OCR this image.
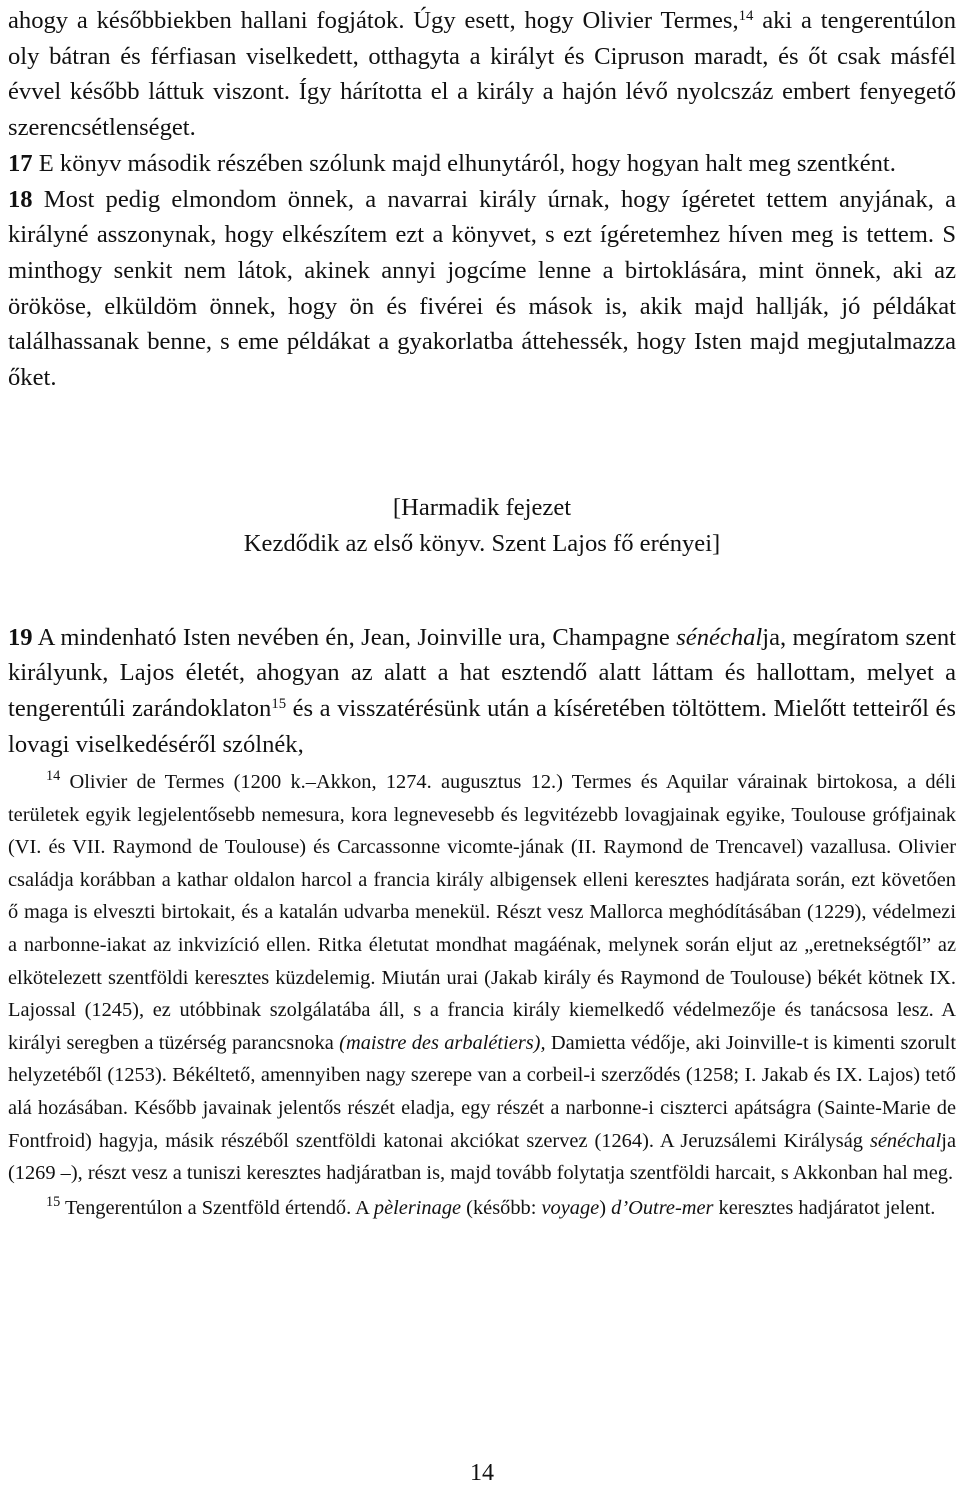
ahogy a későbbiekben hallani fogjátok. Úgy esett, hogy Olivier Termes,$^{14}$ aki a tengerentúlon oly bátran és férfiasan viselkedett, otthagyta a királyt és Cipruson maradt, és őt csak másfél évvel később láttuk viszont. Így hárította el a király a hajón lévő nyolcszáz embert fenyegető szerencsétlenséget.

17 E könyv második részében szólunk majd elhunytáról, hogy hogyan halt meg szentként.

18 Most pedig elmondom önnek, a navarrai király úrnak, hogy ígéretet tettem anyjának, a királyné asszonynak, hogy elkészítem ezt a könyvet, s ezt ígéretemhez híven meg is tettem. S minthogy senkit nem látok, akinek annyi jogcíme lenne a birtoklására, mint önnek, aki az örököse, elküldöm önnek, hogy ön és fivérei és mások is, akik majd hallják, jó példákat találhassanak benne, s eme példákat a gyakorlatba áttehessék, hogy Isten majd megjutalmazza őket.

[Harmadik fejezet
Kezdődik az első könyv. Szent Lajos fő erényei]

19 A mindenható Isten nevében én, Jean, Joinville ura, Champagne sénéchalja, megíratom szent királyunk, Lajos életét, ahogyan az alatt a hat esztendő alatt láttam és hallottam, melyet a tengerentúli zarándoklaton$^{15}$ és a visszatérésünk után a kíséretében töltöttem. Mielőtt tetteiről és lovagi viselkedéséről szólnék,

$^{14}$ Olivier de Termes (1200 k.–Akkon, 1274. augusztus 12.) Termes és Aquilar várainak birtokosa, a déli területek egyik legjelentősebb nemesura, kora legnevesebb és legvitézebb lovagjainak egyike, Toulouse grófjainak (VI. és VII. Raymond de Toulouse) és Carcassonne vicomte-jának (II. Raymond de Trencavel) vazallusa. Olivier családja korábban a kathar oldalon harcol a francia király albigensek elleni keresztes hadjárata során, ezt követően ő maga is elveszti birtokait, és a katalán udvarba menekül. Részt vesz Mallorca meghódításában (1229), védelmezi a narbonne-iakat az inkvizíció ellen. Ritka életutat mondhat magáénak, melynek során eljut az „eretnekségtől” az elkötelezett szentföldi keresztes küzdelemig. Miután urai (Jakab király és Raymond de Toulouse) békét kötnek IX. Lajossal (1245), ez utóbbinak szolgálatába áll, s a francia király kiemelkedő védelmezője és tanácsosa lesz. A királyi seregben a tüzérség parancsnoka (maistre des arbalétiers), Damietta védője, aki Joinville-t is kimenti szorult helyzetéből (1253). Békéltető, amennyiben nagy szerepe van a corbeil-i szerződés (1258; I. Jakab és IX. Lajos) tető alá hozásában. Később javainak jelentős részét eladja, egy részét a narbonne-i ciszterci apátságra (Sainte-Marie de Fontfroid) hagyja, másik részéből szentföldi katonai akciókat szervez (1264). A Jeruzsálemi Királyság sénéchalja (1269 –), részt vesz a tuniszi keresztes hadjáratban is, majd tovább folytatja szentföldi harcait, s Akkonban hal meg.

$^{15}$ Tengerentúlon a Szentföld értendő. A pèlerinage (később: voyage) d’Outre-mer keresztes hadjáratot jelent.

14
